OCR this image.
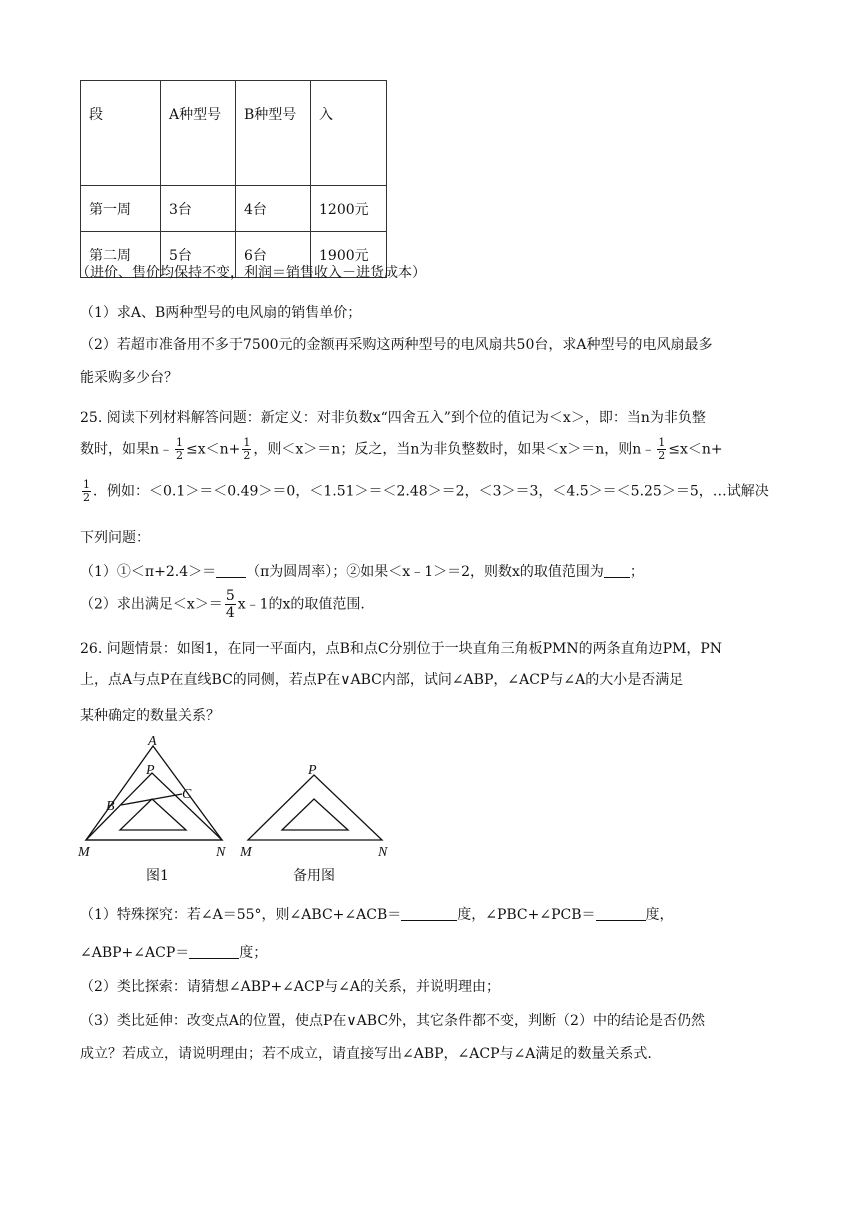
段	A种型号	B种型号	入
第一周	3台	4台	1200元
第二周	5台	6台	1900元
（进价、售价均保持不变，利润＝销售收入－进货成本）
（1）求A、B两种型号的电风扇的销售单价；
（2）若超市准备用不多于7500元的金额再采购这两种型号的电风扇共50台，求A种型号的电风扇最多
能采购多少台？
25. 阅读下列材料解答问题：新定义：对非负数x“四舍五入”到个位的值记为＜x＞，即：当n为非负整
数时，如果n﹣ $\frac{1}{2} \le x<n+ \frac{1}{2}$ ，则＜x＞＝n；反之，当n为非负整数时，如果＜x＞＝n，则n﹣ $\frac{1}{2} \le x<n+$
$\frac{1}{2}$ ．例如：＜0.1＞＝＜0.49＞＝0，＜1.51＞＝＜2.48＞＝2，＜3＞＝3，＜4.5＞＝＜5.25＞＝5，…试解决
下列问题：
（1）①＜π+2.4＞＝ （π为圆周率）；②如果＜x﹣1＞＝2，则数x的取值范围为 ；
（2）求出满足$<x>= \frac{5}{4}$ x﹣1的x的取值范围.
26. 问题情景：如图1，在同一平面内，点B和点C分别位于一块直角三角板PMN的两条直角边PM，PN
上，点A与点P在直线BC的同侧，若点P在∨ABC内部，试问∠ABP，∠ACP与∠A的大小是否满足
某种确定的数量关系？
A
P
B
C
M	N
P
M	N
图1	备用图
（1）特殊探究：若∠A＝55°，则∠ABC+∠ACB＝	度，∠PBC+∠PCB＝	度，
∠ABP+∠ACP＝	度；
（2）类比探索：请猜想∠ABP+∠ACP与∠A的关系，并说明理由；
（3）类比延伸：改变点A的位置，使点P在∨ABC外，其它条件都不变，判断（2）中的结论是否仍然
成立？若成立，请说明理由；若不成立，请直接写出∠ABP，∠ACP与∠A满足的数量关系式.
